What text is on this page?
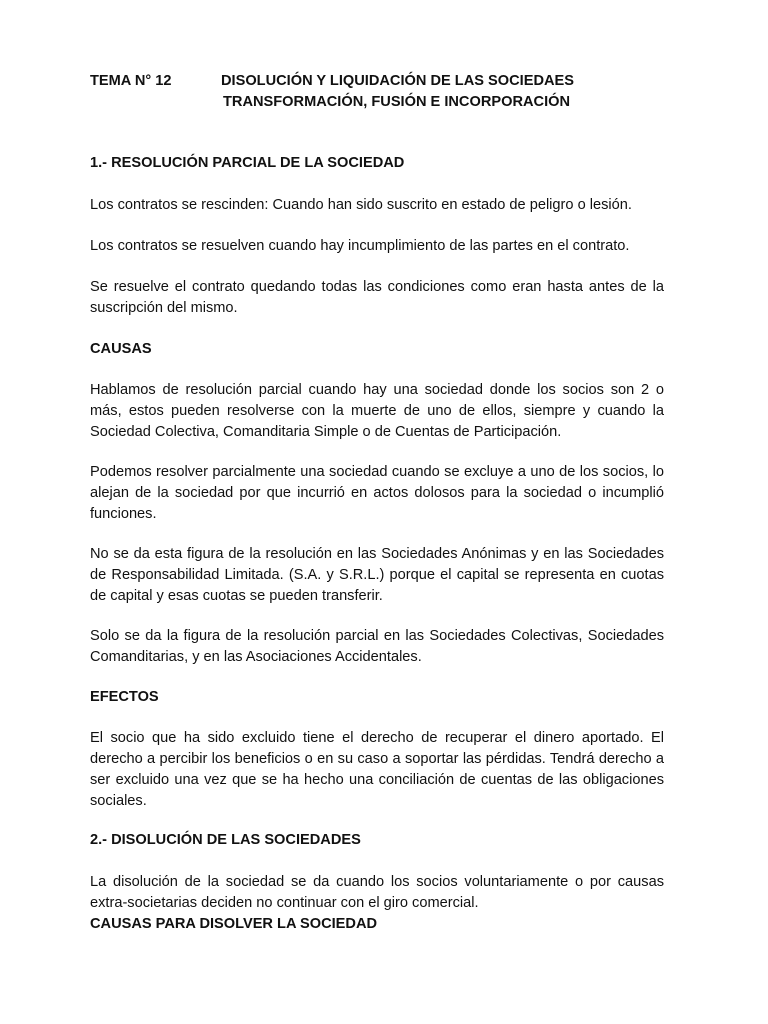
TEMA N° 12	DISOLUCIÓN Y LIQUIDACIÓN DE LAS SOCIEDAES
TRANSFORMACIÓN, FUSIÓN E INCORPORACIÓN

1.- RESOLUCIÓN PARCIAL DE LA SOCIEDAD

Los contratos se rescinden: Cuando han sido suscrito en estado de peligro o lesión.

Los contratos se resuelven cuando hay incumplimiento de las partes en el contrato.

Se resuelve el contrato quedando todas las condiciones como eran hasta antes de la suscripción del mismo.

CAUSAS

Hablamos de resolución parcial cuando hay una sociedad donde los socios son 2 o más, estos pueden resolverse con la muerte de uno de ellos, siempre y cuando la Sociedad Colectiva, Comanditaria Simple o de Cuentas de Participación.

Podemos resolver parcialmente una sociedad cuando se excluye a uno de los socios, lo alejan de la sociedad por que incurrió en actos dolosos para la sociedad o incumplió funciones.

No se da esta figura de la resolución en las Sociedades Anónimas y en las Sociedades de Responsabilidad Limitada. (S.A. y S.R.L.) porque el capital se representa en cuotas de capital y esas cuotas se pueden transferir.

Solo se da la figura de la resolución parcial en las Sociedades Colectivas, Sociedades Comanditarias, y en las Asociaciones Accidentales.

EFECTOS

El socio que ha sido excluido tiene el derecho de recuperar el dinero aportado. El derecho a percibir los beneficios o en su caso a soportar las pérdidas. Tendrá derecho a ser excluido una vez que se ha hecho una conciliación de cuentas de las obligaciones sociales.

2.- DISOLUCIÓN DE LAS SOCIEDADES

La disolución de la sociedad se da cuando los socios voluntariamente o por causas extra-societarias deciden no continuar con el giro comercial.

CAUSAS PARA DISOLVER LA SOCIEDAD
